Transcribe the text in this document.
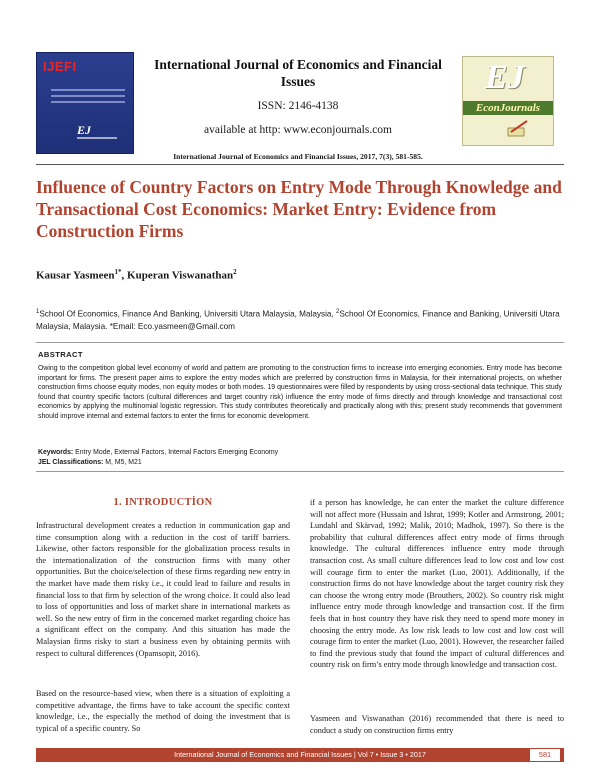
IJEFI
EJ
International Journal of Economics and Financial Issues
ISSN: 2146-4138
available at http: www.econjournals.com
International Journal of Economics and Financial Issues, 2017, 7(3), 581-585.
EJ
EconJournals
Influence of Country Factors on Entry Mode Through Knowledge and Transactional Cost Economics: Market Entry: Evidence from Construction Firms
Kausar Yasmeen$^{1*}$, Kuperan Viswanathan$^2$
$^1$School Of Economics, Finance And Banking, Universiti Utara Malaysia, Malaysia, $^2$School Of Economics, Finance and Banking, Universiti Utara Malaysia, Malaysia. *Email: Eco.yasmeen@Gmail.com
ABSTRACT
Owing to the competition global level economy of world and pattern are promoting to the construction firms to increase into emerging economies. Entry mode has become important for firms. The present paper aims to explore the entry modes which are preferred by construction firms in Malaysia, for their international projects, on whether construction firms choose equity modes, non equity modes or both modes. 19 questionnaires were filled by respondents by using cross-sectional data technique. This study found that country specific factors (cultural differences and target country risk) influence the entry mode of firms directly and through knowledge and transactional cost economics by applying the multinomial logistic regression. This study contributes theoretically and practically along with this; present study recommends that government should improve internal and external factors to enter the firms for economic development.
Keywords: Entry Mode, External Factors, Internal Factors Emerging Economy
JEL Classifications: M, M5, M21
1. INTRODUCTİON
Infrastructural development creates a reduction in communication gap and time consumption along with a reduction in the cost of tariff barriers. Likewise, other factors responsible for the globalization process results in the internationalization of the construction firms with many other opportunities. But the choice/selection of these firms regarding new entry in the market have made them risky i.e., it could lead to failure and results in financial loss to that firm by selection of the wrong choice. It could also lead to loss of opportunities and loss of market share in international markets as well. So the new entry of firm in the concerned market regarding choice has a significant effect on the company. And this situation has made the Malaysian firms risky to start a business even by obtaining permits with respect to cultural differences (Opamsopit, 2016).
Based on the resource-based view, when there is a situation of exploiting a competitive advantage, the firms have to take account the specific context knowledge, i.e., the especially the method of doing the investment that is typical of a specific country. So
if a person has knowledge, he can enter the market the culture difference will not affect more (Hussain and Ishrat, 1999; Kotler and Armstrong, 2001; Lundahl and Skärvad, 1992; Malik, 2010; Madhok, 1997). So there is the probability that cultural differences affect entry mode of firms through knowledge. The cultural differences influence entry mode through transaction cost. As small culture differences lead to low cost and low cost will courage firm to enter the market (Luo, 2001). Additionally, if the construction firms do not have knowledge about the target country risk they can choose the wrong entry mode (Brouthers, 2002). So country risk might influence entry mode through knowledge and transaction cost. If the firm feels that in host country they have risk they need to spend more money in choosing the entry mode. As low risk leads to low cost and low cost will courage firm to enter the market (Luo, 2001). However, the researcher failed to find the previous study that found the impact of cultural differences and country risk on firm’s entry mode through knowledge and transaction cost.
Yasmeen and Viswanathan (2016) recommended that there is need to conduct a study on construction firms entry
International Journal of Economics and Financial Issues | Vol 7 • Issue 3 • 2017	581
